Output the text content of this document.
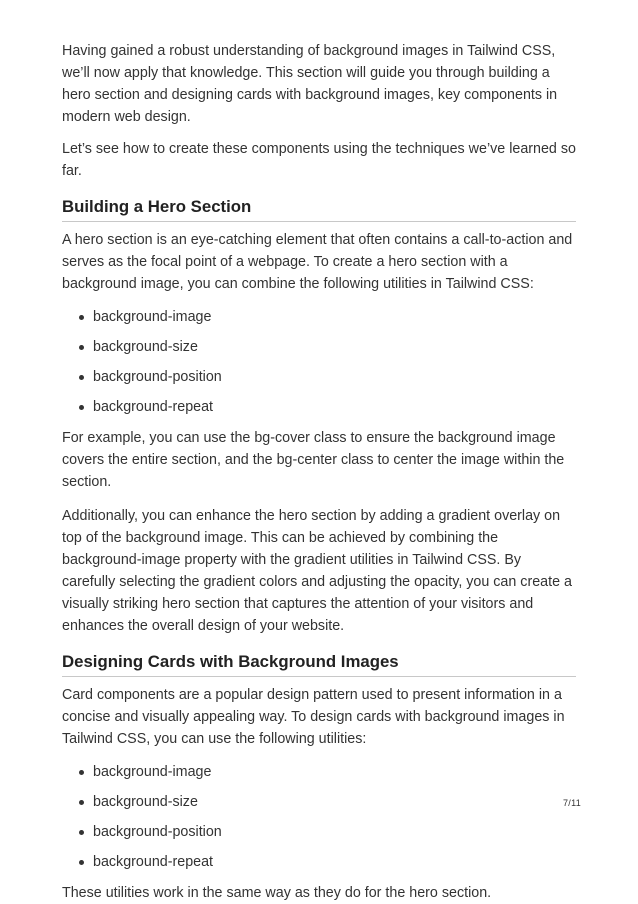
Having gained a robust understanding of background images in Tailwind CSS, we’ll now apply that knowledge. This section will guide you through building a hero section and designing cards with background images, key components in modern web design.

Let’s see how to create these components using the techniques we’ve learned so far.

Building a Hero Section

A hero section is an eye-catching element that often contains a call-to-action and serves as the focal point of a webpage. To create a hero section with a background image, you can combine the following utilities in Tailwind CSS:

background-image
background-size
background-position
background-repeat

For example, you can use the bg-cover class to ensure the background image covers the entire section, and the bg-center class to center the image within the section.

Additionally, you can enhance the hero section by adding a gradient overlay on top of the background image. This can be achieved by combining the background-image property with the gradient utilities in Tailwind CSS. By carefully selecting the gradient colors and adjusting the opacity, you can create a visually striking hero section that captures the attention of your visitors and enhances the overall design of your website.

Designing Cards with Background Images

Card components are a popular design pattern used to present information in a concise and visually appealing way. To design cards with background images in Tailwind CSS, you can use the following utilities:

background-image
background-size
background-position
background-repeat

These utilities work in the same way as they do for the hero section.

7/11
